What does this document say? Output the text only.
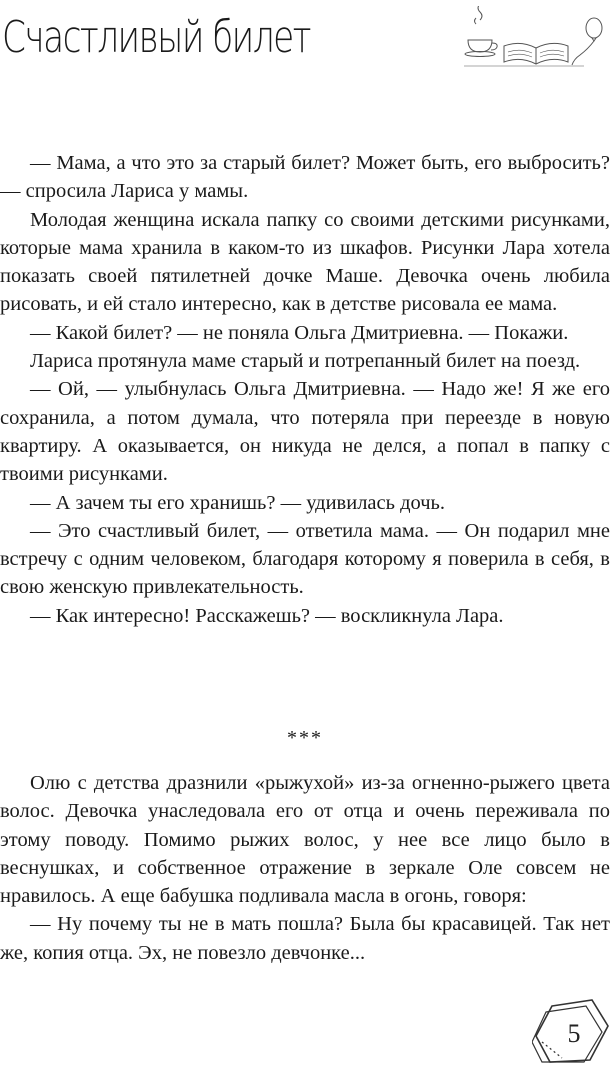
Счастливый билет

— Мама, а что это за старый билет? Может быть, его выбросить? — спросила Лариса у мамы.

Молодая женщина искала папку со своими детскими рисунками, которые мама хранила в каком-то из шкафов. Рисунки Лара хотела показать своей пятилетней дочке Маше. Девочка очень любила рисовать, и ей стало интересно, как в детстве рисовала ее мама.

— Какой билет? — не поняла Ольга Дмитриевна. — Покажи.

Лариса протянула маме старый и потрепанный билет на поезд.

— Ой, — улыбнулась Ольга Дмитриевна. — Надо же! Я же его сохранила, а потом думала, что потеряла при переезде в новую квартиру. А оказывается, он никуда не делся, а попал в папку с твоими рисунками.

— А зачем ты его хранишь? — удивилась дочь.

— Это счастливый билет, — ответила мама. — Он подарил мне встречу с одним человеком, благодаря которому я поверила в себя, в свою женскую привлекательность.

— Как интересно! Расскажешь? — воскликнула Лара.

***

Олю с детства дразнили «рыжухой» из-за огненно-рыжего цвета волос. Девочка унаследовала его от отца и очень переживала по этому поводу. Помимо рыжих волос, у нее все лицо было в веснушках, и собственное отражение в зеркале Оле совсем не нравилось. А еще бабушка подливала масла в огонь, говоря:

— Ну почему ты не в мать пошла? Была бы красавицей. Так нет же, копия отца. Эх, не повезло девчонке...

5
